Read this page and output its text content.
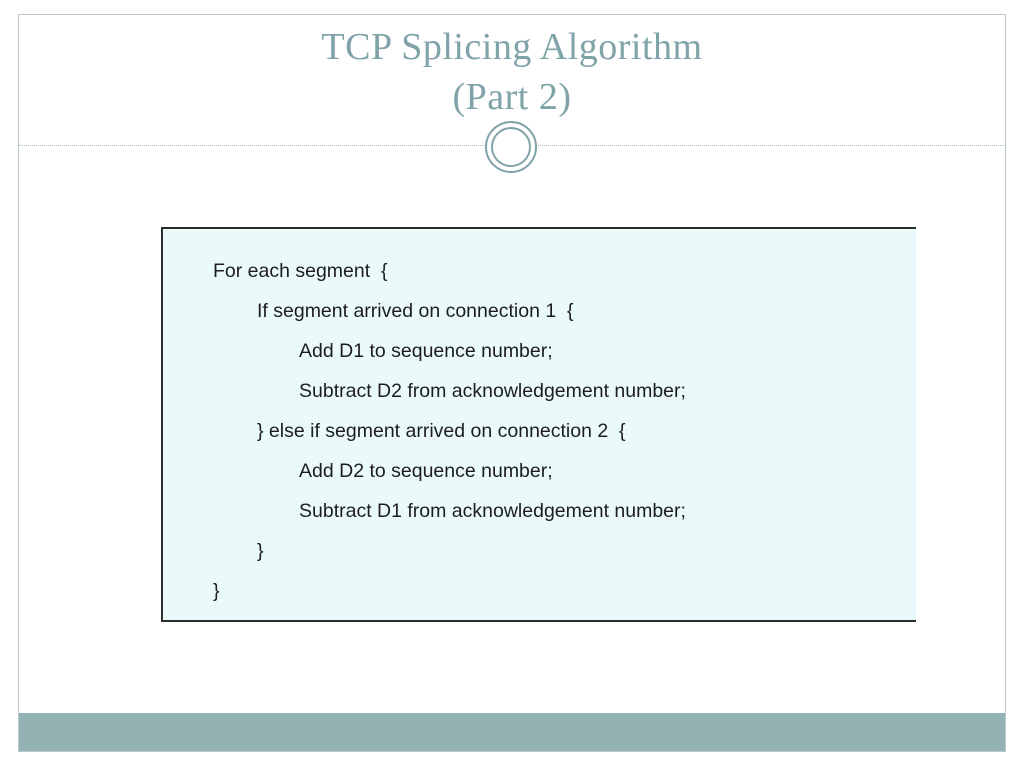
TCP Splicing Algorithm
(Part 2)
For each segment  {
If segment arrived on connection 1  {
Add D1 to sequence number;
Subtract D2 from acknowledgement number;
} else if segment arrived on connection 2  {
Add D2 to sequence number;
Subtract D1 from acknowledgement number;
}
}
